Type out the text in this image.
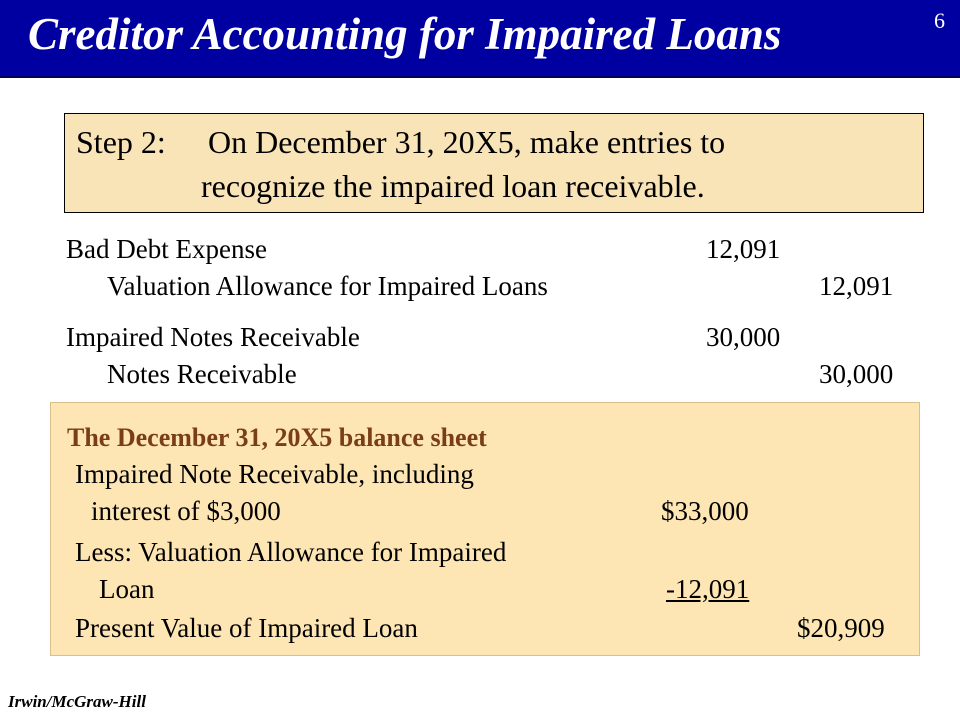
Creditor Accounting for Impaired Loans	6
Step 2: On December 31, 20X5, make entries to
recognize the impaired loan receivable.
Bad Debt Expense	12,091
Valuation Allowance for Impaired Loans	12,091
Impaired Notes Receivable	30,000
Notes Receivable	30,000
The December 31, 20X5 balance sheet
Impaired Note Receivable, including
interest of $3,000	$33,000
Less: Valuation Allowance for Impaired
Loan	-12,091
Present Value of Impaired Loan	$20,909
Irwin/McGraw-Hill
